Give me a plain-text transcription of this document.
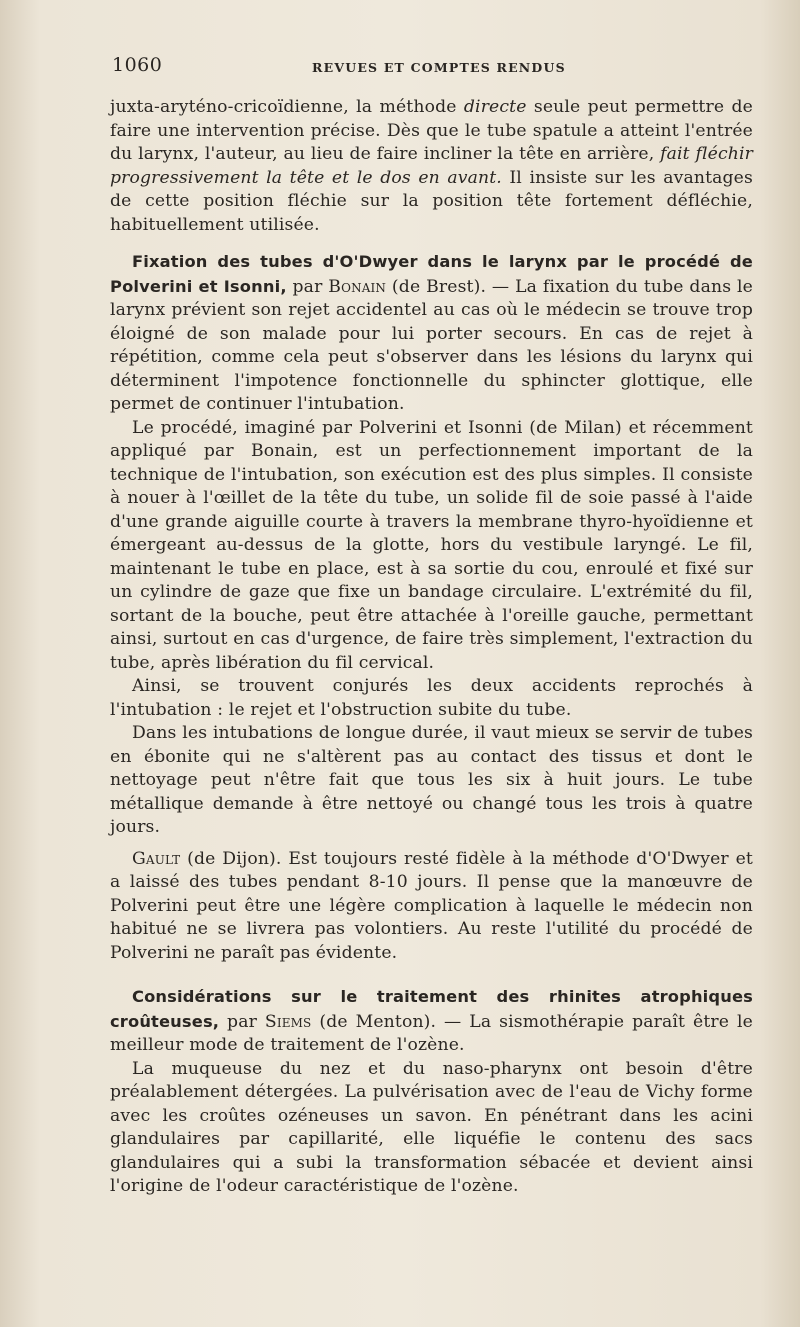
1060	REVUES ET COMPTES RENDUS

juxta-aryténo-cricoïdienne, la méthode directe seule peut permettre de faire une intervention précise. Dès que le tube spatule a atteint l'entrée du larynx, l'auteur, au lieu de faire incliner la tête en arrière, fait fléchir progressivement la tête et le dos en avant. Il insiste sur les avantages de cette position fléchie sur la position tête fortement défléchie, habituellement utilisée.

Fixation des tubes d'O'Dwyer dans le larynx par le procédé de Polverini et Isonni, par Bonain (de Brest). — La fixation du tube dans le larynx prévient son rejet accidentel au cas où le médecin se trouve trop éloigné de son malade pour lui porter secours. En cas de rejet à répétition, comme cela peut s'observer dans les lésions du larynx qui déterminent l'impotence fonctionnelle du sphincter glottique, elle permet de continuer l'intubation.

Le procédé, imaginé par Polverini et Isonni (de Milan) et récemment appliqué par Bonain, est un perfectionnement important de la technique de l'intubation, son exécution est des plus simples. Il consiste à nouer à l'œillet de la tête du tube, un solide fil de soie passé à l'aide d'une grande aiguille courte à travers la membrane thyro-hyoïdienne et émergeant au-dessus de la glotte, hors du vestibule laryngé. Le fil, maintenant le tube en place, est à sa sortie du cou, enroulé et fixé sur un cylindre de gaze que fixe un bandage circulaire. L'extrémité du fil, sortant de la bouche, peut être attachée à l'oreille gauche, permettant ainsi, surtout en cas d'urgence, de faire très simplement, l'extraction du tube, après libération du fil cervical.

Ainsi, se trouvent conjurés les deux accidents reprochés à l'intubation : le rejet et l'obstruction subite du tube.

Dans les intubations de longue durée, il vaut mieux se servir de tubes en ébonite qui ne s'altèrent pas au contact des tissus et dont le nettoyage peut n'être fait que tous les six à huit jours. Le tube métallique demande à être nettoyé ou changé tous les trois à quatre jours.

Gault (de Dijon). Est toujours resté fidèle à la méthode d'O'Dwyer et a laissé des tubes pendant 8-10 jours. Il pense que la manœuvre de Polverini peut être une légère complication à laquelle le médecin non habitué ne se livrera pas volontiers. Au reste l'utilité du procédé de Polverini ne paraît pas évidente.

Considérations sur le traitement des rhinites atrophiques croûteuses, par Siems (de Menton). — La sismothérapie paraît être le meilleur mode de traitement de l'ozène.

La muqueuse du nez et du naso-pharynx ont besoin d'être préalablement détergées. La pulvérisation avec de l'eau de Vichy forme avec les croûtes ozéneuses un savon. En pénétrant dans les acini glandulaires par capillarité, elle liquéfie le contenu des sacs glandulaires qui a subi la transformation sébacée et devient ainsi l'origine de l'odeur caractéristique de l'ozène.
